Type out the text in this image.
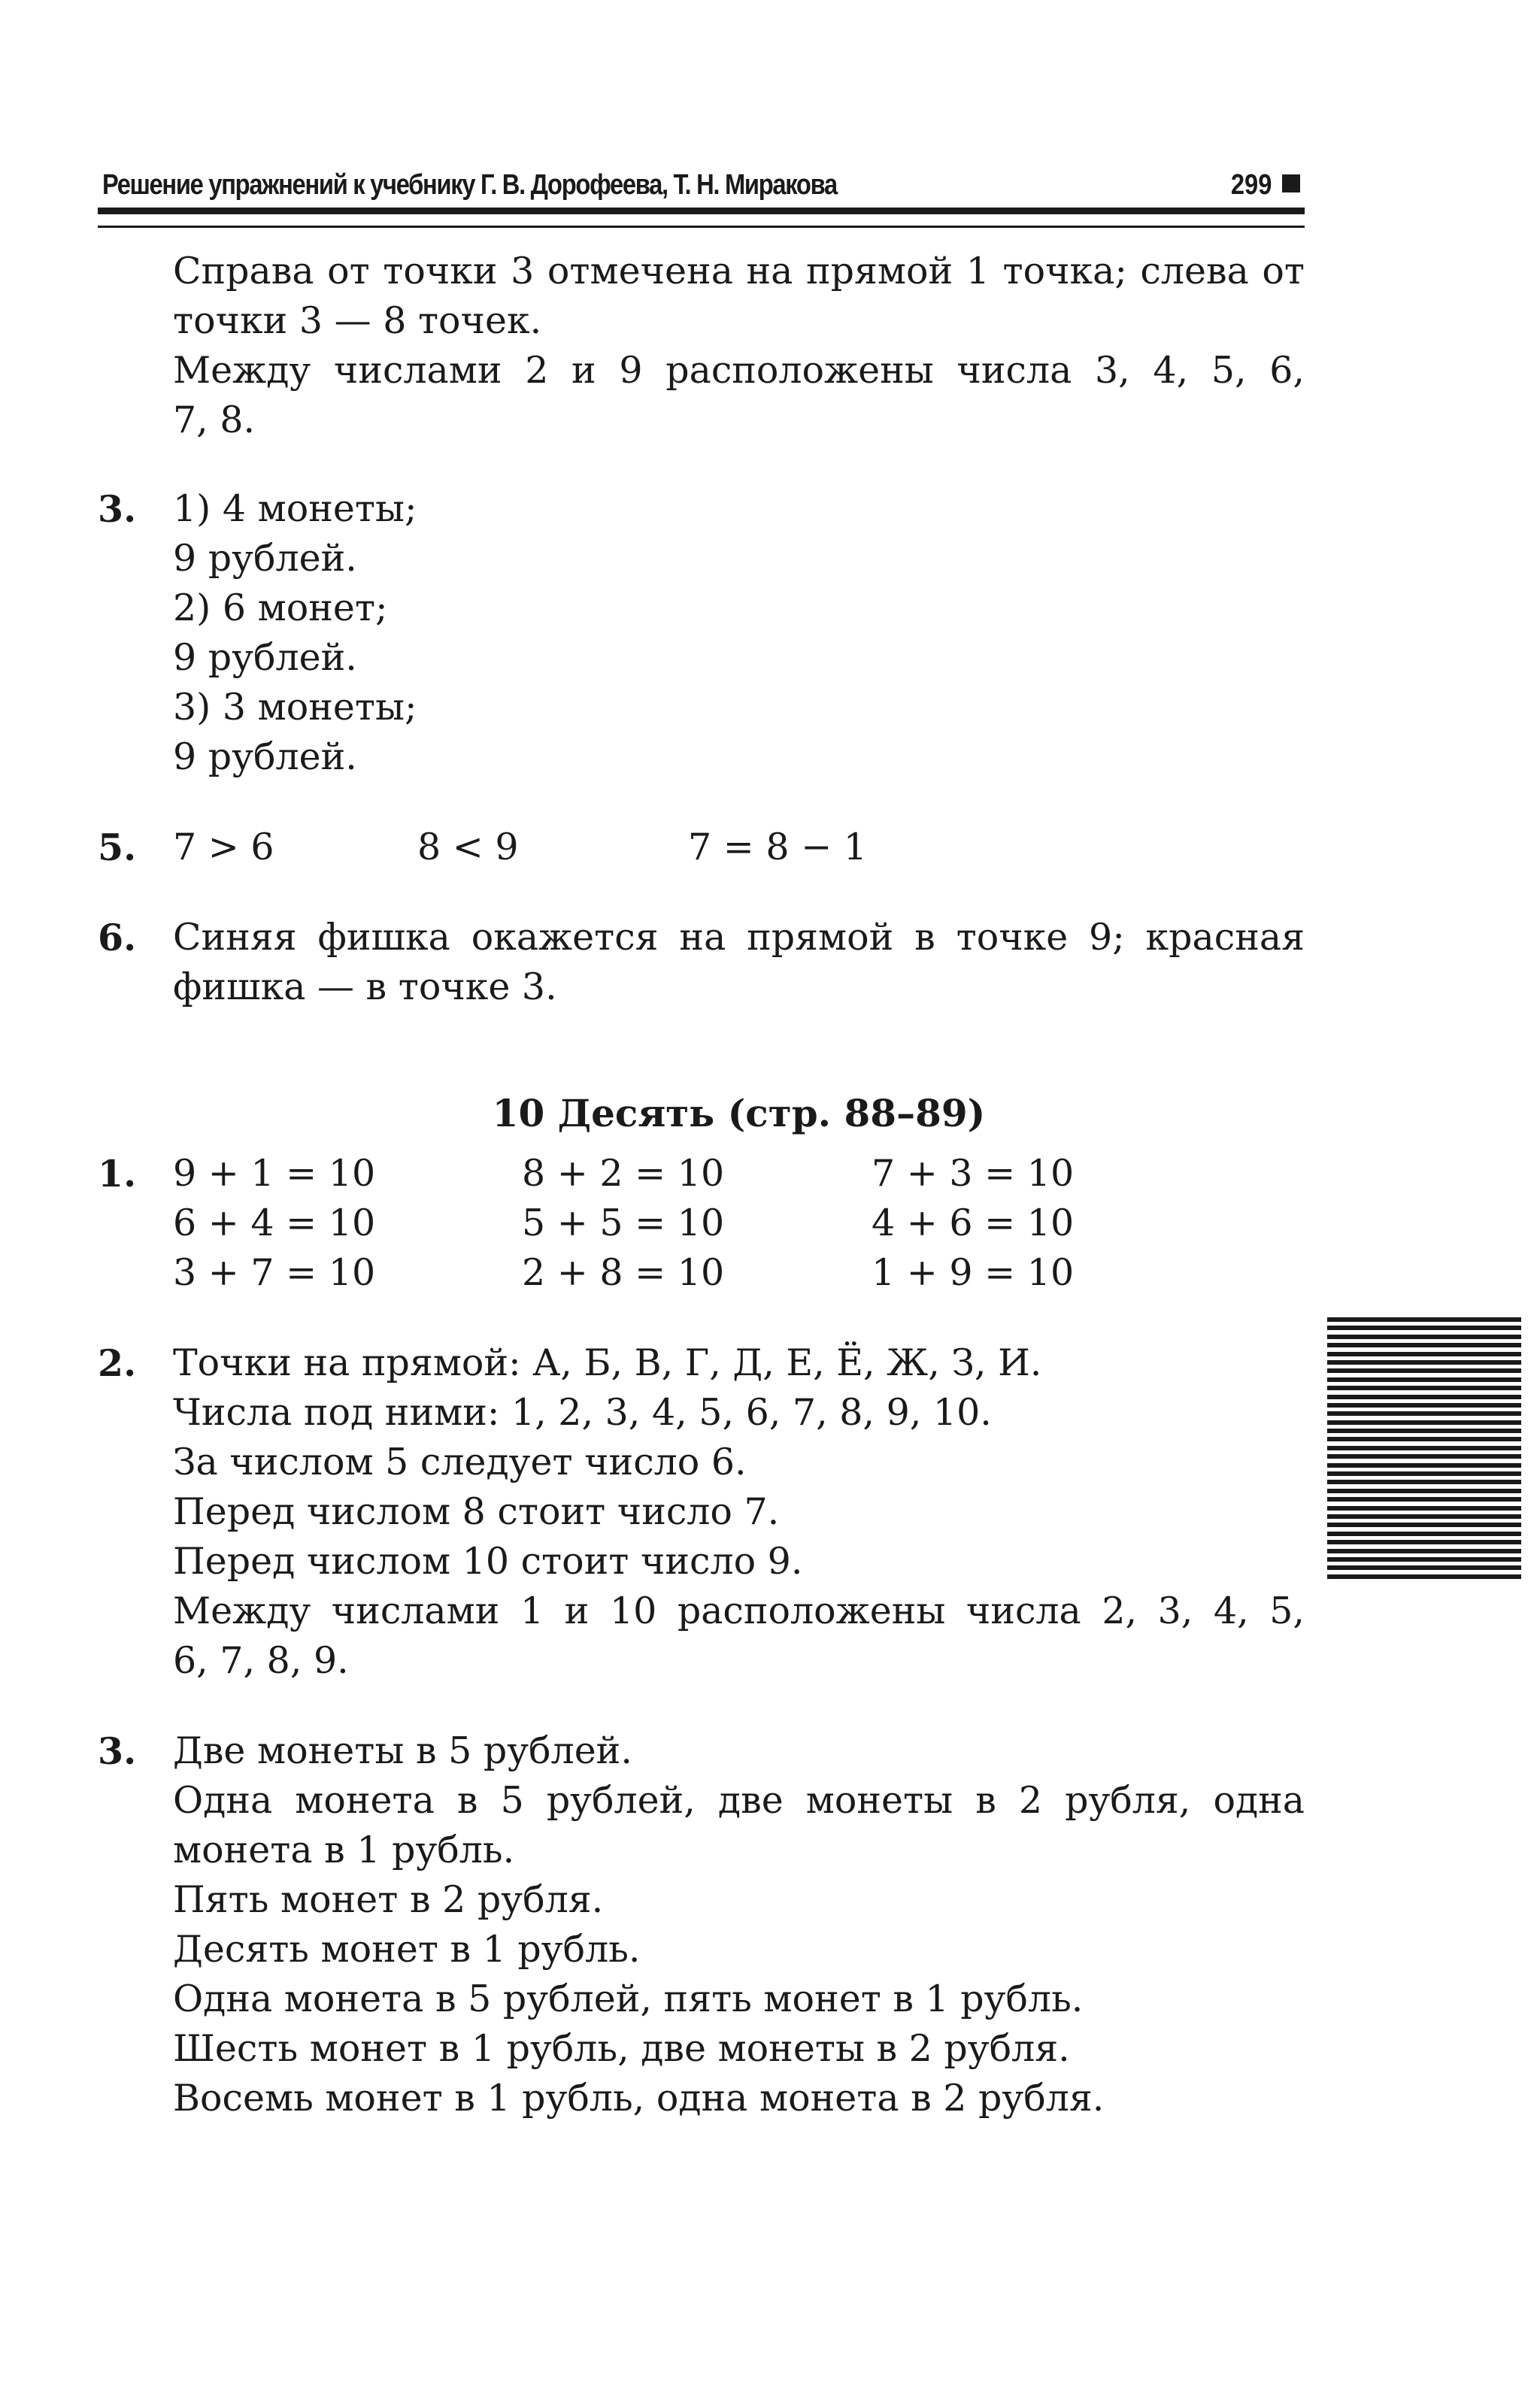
Решение упражнений к учебнику Г. В. Дорофеева, Т. Н. Миракова	299
Справа от точки 3 отмечена на прямой 1 точка; слева от
точки 3 — 8 точек.
Между числами 2 и 9 расположены числа 3, 4, 5, 6,
7, 8.
3. 1) 4 монеты;
9 рублей.
2) 6 монет;
9 рублей.
3) 3 монеты;
9 рублей.
5. 7 > 6	8 < 9	7 = 8 − 1
6. Синяя фишка окажется на прямой в точке 9; красная
фишка — в точке 3.
10 Десять (стр. 88–89)
1. 9 + 1 = 10	8 + 2 = 10	7 + 3 = 10
6 + 4 = 10	5 + 5 = 10	4 + 6 = 10
3 + 7 = 10	2 + 8 = 10	1 + 9 = 10
2. Точки на прямой: А, Б, В, Г, Д, Е, Ё, Ж, З, И.
Числа под ними: 1, 2, 3, 4, 5, 6, 7, 8, 9, 10.
За числом 5 следует число 6.
Перед числом 8 стоит число 7.
Перед числом 10 стоит число 9.
Между числами 1 и 10 расположены числа 2, 3, 4, 5,
6, 7, 8, 9.
3. Две монеты в 5 рублей.
Одна монета в 5 рублей, две монеты в 2 рубля, одна
монета в 1 рубль.
Пять монет в 2 рубля.
Десять монет в 1 рубль.
Одна монета в 5 рублей, пять монет в 1 рубль.
Шесть монет в 1 рубль, две монеты в 2 рубля.
Восемь монет в 1 рубль, одна монета в 2 рубля.
